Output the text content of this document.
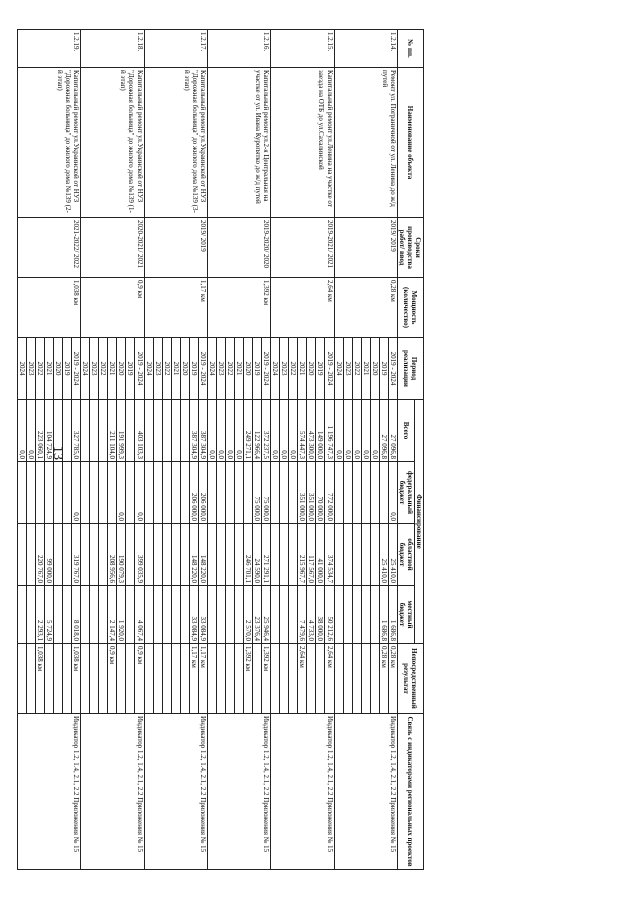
13
№ пп.	Наименование объекта	Сроки производства работ/ ввод	Мощность (количество)	Период реализации	Финансирование				Непосредственный результат	Связь с индикаторами региональных проектов
					Всего	федеральный бюджет	областной бюджет	местный бюджет		
1.2.14.	Ремонт ул. Пограничной от ул. Ленина до ж/д путей	2019/ 2019	0,28 км	2019 - 2024	27 096,8	0,0	25 410,0	1 686,8	0,28 км	Индикатор 1.2, 1.4, 2.1, 2.2 Приложения № 15
				2019	27 096,8		25 410,0	1 686,8	0,28 км	
				2020	0,0					
				2021	0,0					
				2022	0,0					
				2023	0,0					
				2024	0,0					
1.2.15.	Капитальный ремонт ул.Ленина на участке от заезда на ОТБ до ул.Сахалинской	2019-2021/ 2021	2,64 км	2019 - 2024	1 196 747,3	772 000,0	374 534,7	50 212,6	2,64 км	Индикатор 1.2, 1.4, 2.1, 2.2 Приложения № 15
				2019	149 000,0	70 000,0	41 000,0	38 000,0		
				2020	473 300,0	351 000,0	117 567,0	4 733,0		
				2021	574 447,3	351 000,0	215 967,7	7 479,6	2,64 км	
				2022	0,0					
				2023	0,0					
				2024	0,0					
1.2.16.	Капитальный ремонт ул.2-я Центральная на участке от ул. Ивана Куропятко до ж/д путей	2019-2020/ 2020	1,392 км	2019 - 2024	372 237,5	75 000,0	271 291,1	25 946,4	1,392 км	Индикатор 1.2, 1.4, 2.1, 2.2 Приложения № 15
				2019	122 966,4	75 000,0	24 590,0	23 376,4		
				2020	249 271,1		246 701,1	2 570,0	1,392 км	
				2021	0,0					
				2022	0,0					
				2023	0,0					
				2024	0,0					
1.2.17.	Капитальный ремонт ул.Украинской от НУЗ "Дорожная больница" до жилого дома №139 (3-й этап)	2019/ 2019	1,17 км	2019 - 2024	387 304,9	206 000,0	148 220,0	33 084,9	1,17 км	Индикатор 1.2, 1.4, 2.1, 2.2 Приложения № 15
				2019	387 304,9	206 000,0	148 220,0	33 084,9	1,17 км	
				2020						
				2021						
				2022						
				2023						
				2024						
1.2.18.	Капитальный ремонт ул.Украинской от НУЗ "Дорожная больница" до жилого дома №139 (1-й этап)	2020-2021/ 2021	0,9 км	2019 - 2024	403 103,3	0,0	399 035,9	4 067,4	0,9 км	Индикатор 1.2, 1.4, 2.1, 2.2 Приложения № 15
				2019						
				2020	191 999,3	0,0	190 079,3	1 920,0		
				2021	211 104,0		208 956,6	2 147,4	0,9 км	
				2022						
				2023						
				2024						
1.2.19.	Капитальный ремонт ул.Украинской от НУЗ "Дорожная больница" до жилого дома №139 (2-й этап)	2021-2022/ 2022	1,038 км	2019 - 2024	327 785,0	0,0	319 767,0	8 018,0	1,038 км	Индикатор 1.2, 1.4, 2.1, 2.2 Приложения № 15
				2019						
				2020						
				2021	104 724,9		99 000,0	5 724,9		
				2022	223 060,1		220 767,0	2 293,1	1,038 км	
				2023	0,0					
				2024	0,0					
